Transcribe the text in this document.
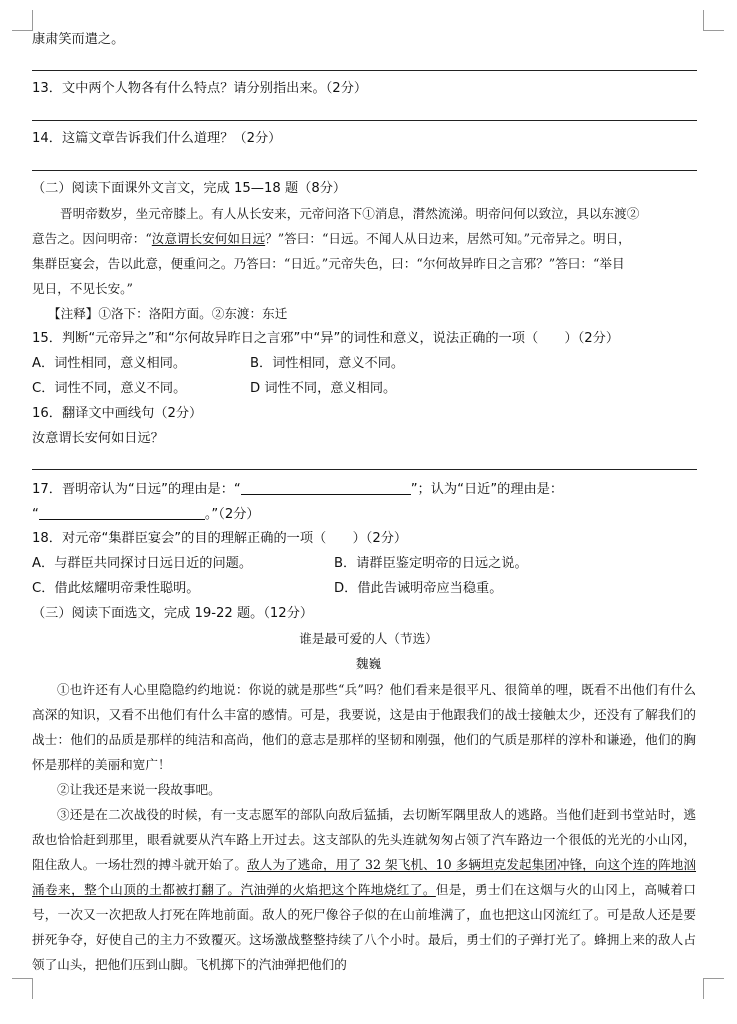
康肃笑而遣之。
13．文中两个人物各有什么特点？请分别指出来。（2分）
14．这篇文章告诉我们什么道理？（2分）
（二）阅读下面课外文言文，完成 15—18 题（8分）
晋明帝数岁，坐元帝膝上。有人从长安来，元帝问洛下①消息，潸然流涕。明帝问何以致泣，具以东渡②
意告之。因问明帝：“汝意谓长安何如日远？”答曰：“日远。不闻人从日边来，居然可知。”元帝异之。明日，
集群臣宴会，告以此意，便重问之。乃答曰：“日近。”元帝失色，曰：“尔何故异昨日之言邪？”答曰：“举目
见日，不见长安。”
【注释】①洛下：洛阳方面。②东渡：东迁
15．判断“元帝异之”和“尔何故异昨日之言邪”中“异”的词性和意义，说法正确的一项（　　）（2分）
A．词性相同，意义相同。	B．词性相同，意义不同。
C．词性不同，意义不同。	D 词性不同，意义相同。
16．翻译文中画线句（2分）
汝意谓长安何如日远？
17．晋明帝认为“日远”的理由是：“	”；认为“日近”的理由是：
“	。”（2分）
18．对元帝“集群臣宴会”的目的理解正确的一项（　　）（2分）
A．与群臣共同探讨日远日近的问题。	B．请群臣鉴定明帝的日远之说。
C．借此炫耀明帝秉性聪明。	D．借此告诫明帝应当稳重。
（三）阅读下面选文，完成 19-22 题。（12分）
谁是最可爱的人（节选）
魏巍
①也许还有人心里隐隐约约地说：你说的就是那些“兵”吗？他们看来是很平凡、很简单的哩，既看不出他们有什么高深的知识，又看不出他们有什么丰富的感情。可是，我要说，这是由于他跟我们的战士接触太少，还没有了解我们的战士：他们的品质是那样的纯洁和高尚，他们的意志是那样的坚韧和刚强，他们的气质是那样的淳朴和谦逊，他们的胸怀是那样的美丽和宽广！
②让我还是来说一段故事吧。
③还是在二次战役的时候，有一支志愿军的部队向敌后猛插，去切断军隅里敌人的逃路。当他们赶到书堂站时，逃敌也恰恰赶到那里，眼看就要从汽车路上开过去。这支部队的先头连就匆匆占领了汽车路边一个很低的光光的小山冈，阻住敌人。一场壮烈的搏斗就开始了。敌人为了逃命，用了 32 架飞机、10 多辆坦克发起集团冲锋，向这个连的阵地汹涌卷来，整个山顶的土都被打翻了。汽油弹的火焰把这个阵地烧红了。但是，勇士们在这烟与火的山冈上，高喊着口号，一次又一次把敌人打死在阵地前面。敌人的死尸像谷子似的在山前堆满了，血也把这山冈流红了。可是敌人还是要拼死争夺，好使自己的主力不致覆灭。这场激战整整持续了八个小时。最后，勇士们的子弹打光了。蜂拥上来的敌人占领了山头，把他们压到山脚。飞机掷下的汽油弹把他们的
